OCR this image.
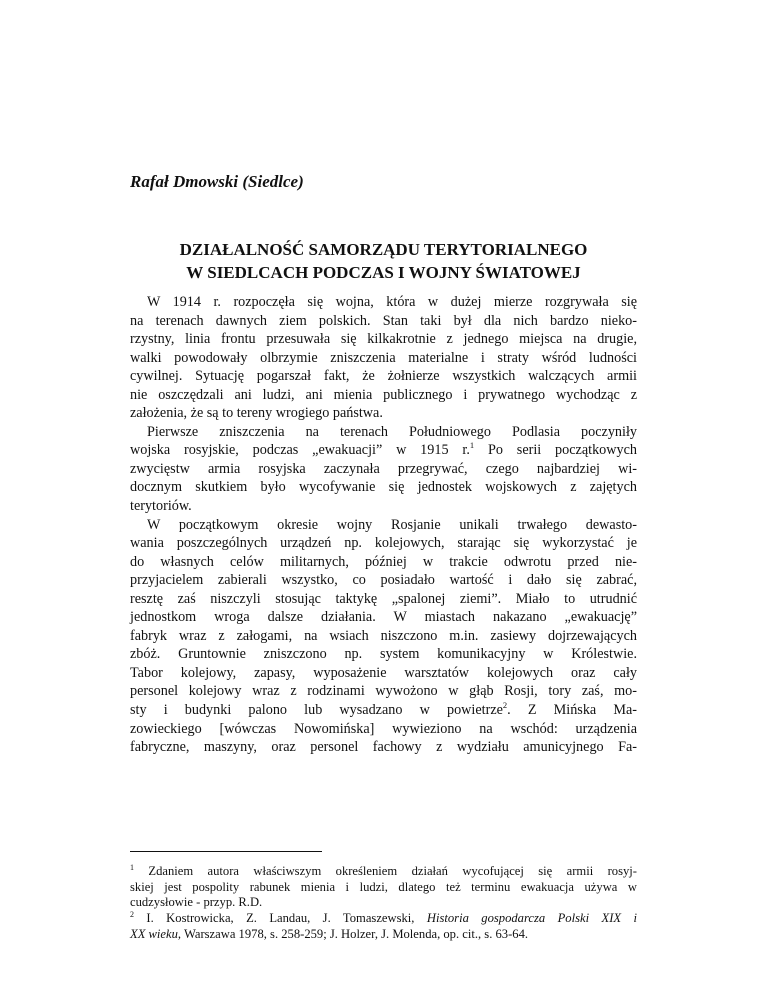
Rafał Dmowski (Siedlce)

DZIAŁALNOŚĆ SAMORZĄDU TERYTORIALNEGO
W SIEDLCACH PODCZAS I WOJNY ŚWIATOWEJ
W 1914 r. rozpoczęła się wojna, która w dużej mierze rozgrywała się
na terenach dawnych ziem polskich. Stan taki był dla nich bardzo nieko-
rzystny, linia frontu przesuwała się kilkakrotnie z jednego miejsca na drugie,
walki powodowały olbrzymie zniszczenia materialne i straty wśród ludności
cywilnej. Sytuację pogarszał fakt, że żołnierze wszystkich walczących armii
nie oszczędzali ani ludzi, ani mienia publicznego i prywatnego wychodząc z
założenia, że są to tereny wrogiego państwa.
Pierwsze zniszczenia na terenach Południowego Podlasia poczyniły
wojska rosyjskie, podczas „ewakuacji” w 1915 r.$^1$ Po serii początkowych
zwycięstw armia rosyjska zaczynała przegrywać, czego najbardziej wi-
docznym skutkiem było wycofywanie się jednostek wojskowych z zajętych
terytoriów.
W początkowym okresie wojny Rosjanie unikali trwałego dewasto-
wania poszczególnych urządzeń np. kolejowych, starając się wykorzystać je
do własnych celów militarnych, później w trakcie odwrotu przed nie-
przyjacielem zabierali wszystko, co posiadało wartość i dało się zabrać,
resztę zaś niszczyli stosując taktykę „spalonej ziemi”. Miało to utrudnić
jednostkom wroga dalsze działania. W miastach nakazano „ewakuację”
fabryk wraz z załogami, na wsiach niszczono m.in. zasiewy dojrzewających
zbóż. Gruntownie zniszczono np. system komunikacyjny w Królestwie.
Tabor kolejowy, zapasy, wyposażenie warsztatów kolejowych oraz cały
personel kolejowy wraz z rodzinami wywożono w głąb Rosji, tory zaś, mo-
sty i budynki palono lub wysadzano w powietrze$^2$. Z Mińska Ma-
zowieckiego [wówczas Nowomińska] wywieziono na wschód: urządzenia
fabryczne, maszyny, oraz personel fachowy z wydziału amunicyjnego Fa-
$^1$ Zdaniem autora właściwszym określeniem działań wycofującej się armii rosyj-
skiej jest pospolity rabunek mienia i ludzi, dlatego też terminu ewakuacja używa w
cudzysłowie - przyp. R.D.
$^2$ I. Kostrowicka, Z. Landau, J. Tomaszewski, Historia gospodarcza Polski XIX i
XX wieku, Warszawa 1978, s. 258-259; J. Holzer, J. Molenda, op. cit., s. 63-64.
